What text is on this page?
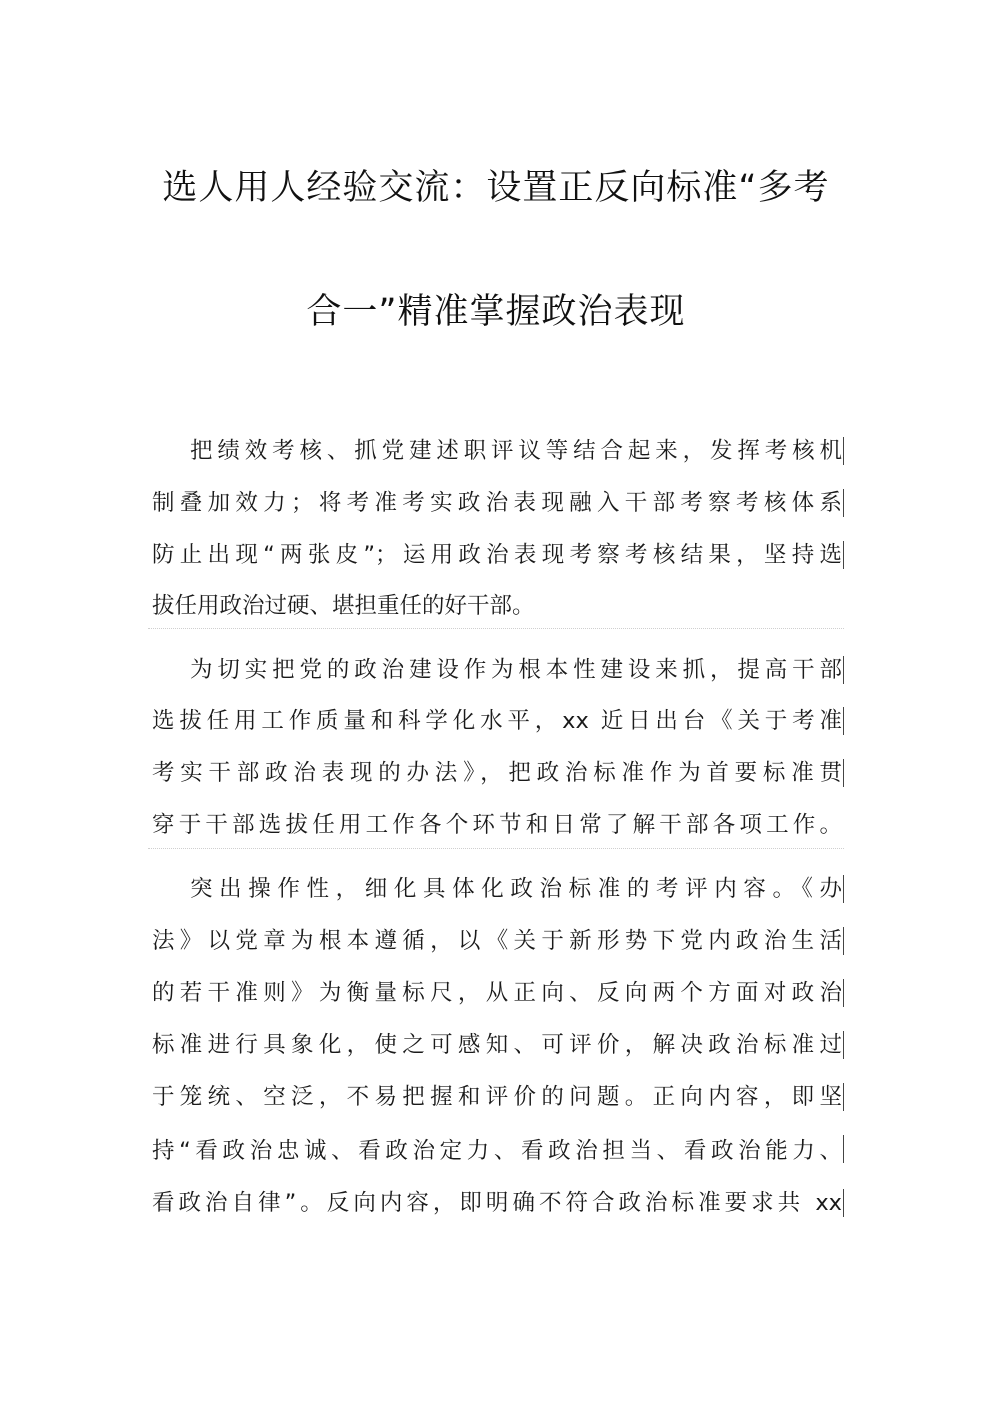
选人用人经验交流：设置正反向标准“多考
合一”精准掌握政治表现
把绩效考核、抓党建述职评议等结合起来，发挥考核机
制叠加效力；将考准考实政治表现融入干部考察考核体系
防止出现“两张皮”；运用政治表现考察考核结果，坚持选
拔任用政治过硬、堪担重任的好干部。
为切实把党的政治建设作为根本性建设来抓，提高干部
选拔任用工作质量和科学化水平，xx 近日出台《关于考准
考实干部政治表现的办法》，把政治标准作为首要标准贯
穿于干部选拔任用工作各个环节和日常了解干部各项工作。
突出操作性，细化具体化政治标准的考评内容。《办
法》以党章为根本遵循，以《关于新形势下党内政治生活
的若干准则》为衡量标尺，从正向、反向两个方面对政治
标准进行具象化，使之可感知、可评价，解决政治标准过
于笼统、空泛，不易把握和评价的问题。正向内容，即坚
持“看政治忠诚、看政治定力、看政治担当、看政治能力、
看政治自律”。反向内容，即明确不符合政治标准要求共 xx
